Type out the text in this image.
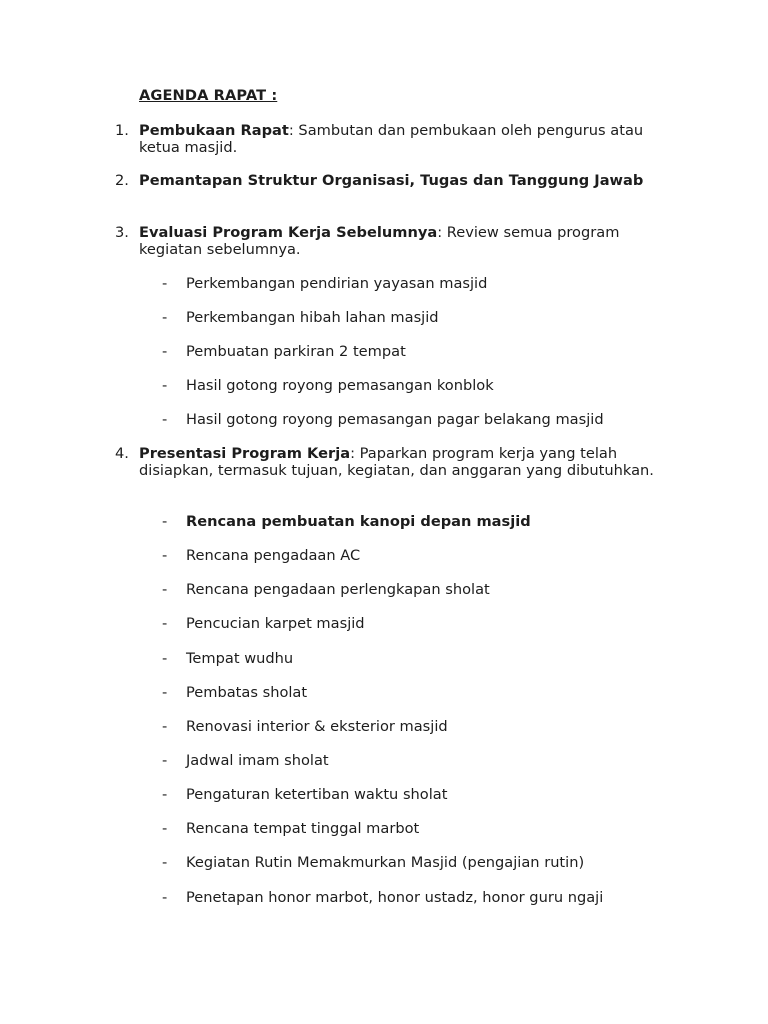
AGENDA RAPAT :
1. Pembukaan Rapat: Sambutan dan pembukaan oleh pengurus atau ketua masjid.
2. Pemantapan Struktur Organisasi, Tugas dan Tanggung Jawab
3. Evaluasi Program Kerja Sebelumnya: Review semua program kegiatan sebelumnya.
- Perkembangan pendirian yayasan masjid
- Perkembangan hibah lahan masjid
- Pembuatan parkiran 2 tempat
- Hasil gotong royong pemasangan konblok
- Hasil gotong royong pemasangan pagar belakang masjid
4. Presentasi Program Kerja: Paparkan program kerja yang telah disiapkan, termasuk tujuan, kegiatan, dan anggaran yang dibutuhkan.
- Rencana pembuatan kanopi depan masjid
- Rencana pengadaan AC
- Rencana pengadaan perlengkapan sholat
- Pencucian karpet masjid
- Tempat wudhu
- Pembatas sholat
- Renovasi interior & eksterior masjid
- Jadwal imam sholat
- Pengaturan ketertiban waktu sholat
- Rencana tempat tinggal marbot
- Kegiatan Rutin Memakmurkan Masjid (pengajian rutin)
- Penetapan honor marbot, honor ustadz, honor guru ngaji
